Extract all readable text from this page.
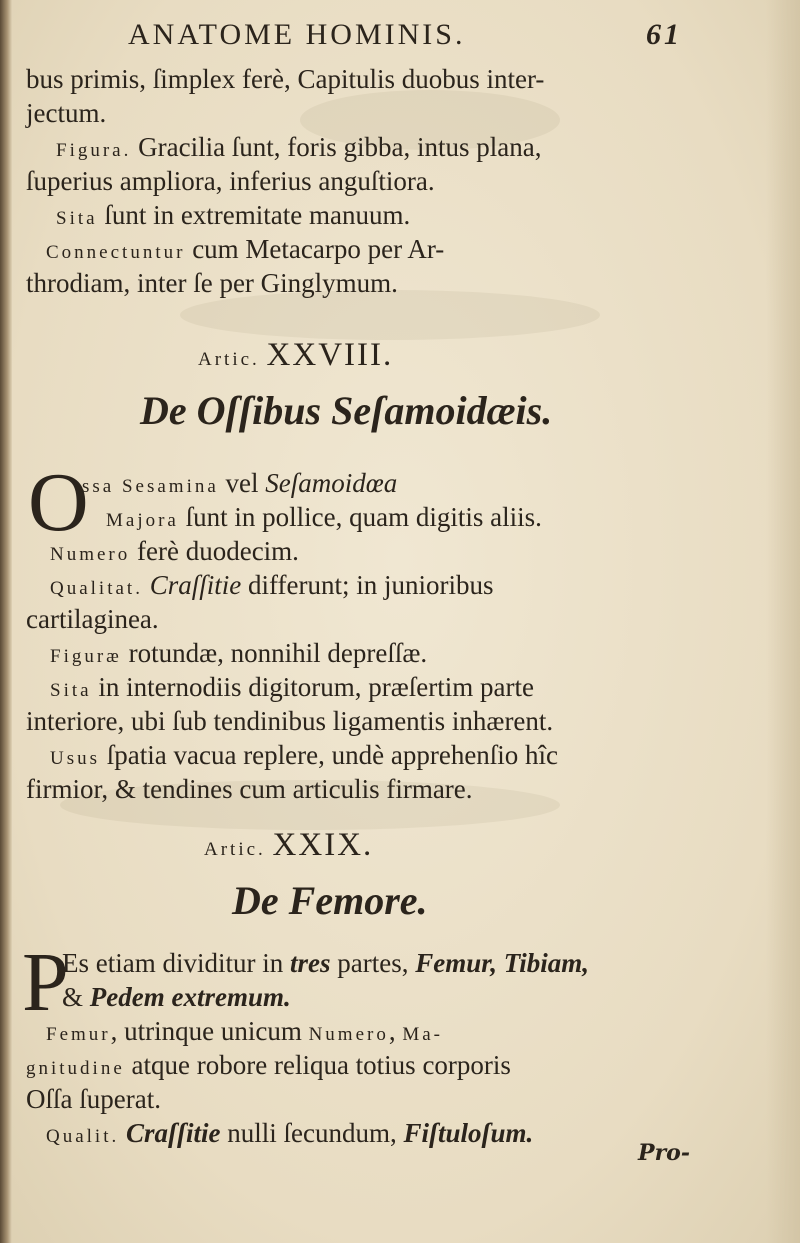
ANATOME HOMINIS.	61
bus primis, ſimplex ferè, Capitulis duobus inter-
jectum.
Figura. Gracilia ſunt, foris gibba, intus plana,
ſuperius ampliora, inferius anguſtiora.
Sita ſunt in extremitate manuum.
Connectuntur cum Metacarpo per Ar-
throdiam, inter ſe per Ginglymum.
Artic. XXVIII.
De Oſſibus Seſamoidæis.
O
ssa Sesamina vel Seſamoidœa
Majora ſunt in pollice, quam digitis aliis.
Numero ferè duodecim.
Qualitat. Craſſitie differunt; in junioribus
cartilaginea.
Figuræ rotundæ, nonnihil depreſſæ.
Sita in internodiis digitorum, præſertim parte
interiore, ubi ſub tendinibus ligamentis inhærent.
Usus ſpatia vacua replere, undè apprehenſio hîc
firmior, & tendines cum articulis firmare.
Artic. XXIX.
De Femore.
P
Es etiam dividitur in tres partes, Femur, Tibiam,
& Pedem extremum.
Femur, utrinque unicum Numero, Ma-
gnitudine atque robore reliqua totius corporis
Oſſa ſuperat.
Qualit. Craſſitie nulli ſecundum, Fiſtuloſum.
Pro-
